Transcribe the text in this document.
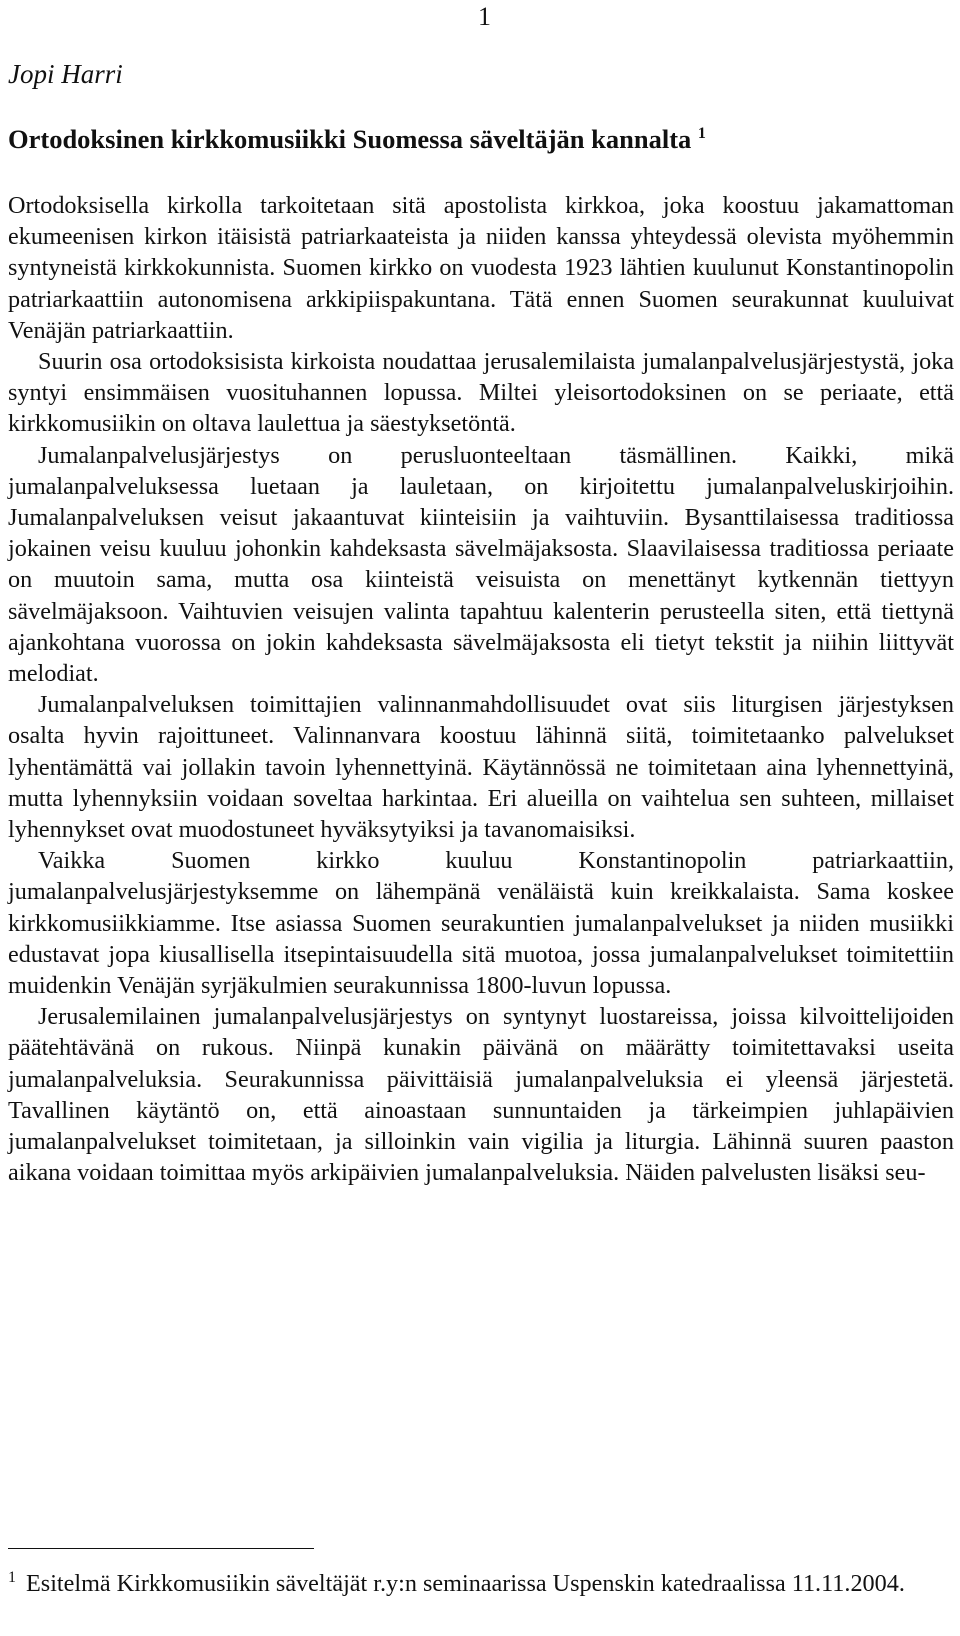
1
Jopi Harri
Ortodoksinen kirkkomusiikki Suomessa säveltäjän kannalta $^1$

Ortodoksisella kirkolla tarkoitetaan sitä apostolista kirkkoa, joka koostuu jakamattoman ekumeenisen kirkon itäisistä patriarkaateista ja niiden kanssa yhteydessä olevista myöhemmin syntyneistä kirkkokunnista. Suomen kirkko on vuodesta 1923 lähtien kuulunut Konstantinopolin patriarkaattiin autonomisena arkkipiispakuntana. Tätä ennen Suomen seurakunnat kuuluivat Venäjän patriarkaattiin.

Suurin osa ortodoksisista kirkoista noudattaa jerusalemilaista jumalanpalvelusjärjestystä, joka syntyi ensimmäisen vuosituhannen lopussa. Miltei yleisortodoksinen on se periaate, että kirkkomusiikin on oltava laulettua ja säestyksetöntä.

Jumalanpalvelusjärjestys on perusluonteeltaan täsmällinen. Kaikki, mikä jumalanpalveluksessa luetaan ja lauletaan, on kirjoitettu jumalanpalveluskirjoihin. Jumalanpalveluksen veisut jakaantuvat kiinteisiin ja vaihtuviin. Bysanttilaisessa traditiossa jokainen veisu kuuluu johonkin kahdeksasta sävelmäjaksosta. Slaavilaisessa traditiossa periaate on muutoin sama, mutta osa kiinteistä veisuista on menettänyt kytkennän tiettyyn sävelmäjaksoon. Vaihtuvien veisujen valinta tapahtuu kalenterin perusteella siten, että tiettynä ajankohtana vuorossa on jokin kahdeksasta sävelmäjaksosta eli tietyt tekstit ja niihin liittyvät melodiat.

Jumalanpalveluksen toimittajien valinnanmahdollisuudet ovat siis liturgisen järjestyksen osalta hyvin rajoittuneet. Valinnanvara koostuu lähinnä siitä, toimitetaanko palvelukset lyhentämättä vai jollakin tavoin lyhennettyinä. Käytännössä ne toimitetaan aina lyhennettyinä, mutta lyhennyksiin voidaan soveltaa harkintaa. Eri alueilla on vaihtelua sen suhteen, millaiset lyhennykset ovat muodostuneet hyväksytyiksi ja tavanomaisiksi.

Vaikka Suomen kirkko kuuluu Konstantinopolin patriarkaattiin, jumalanpalvelusjärjestyksemme on lähempänä venäläistä kuin kreikkalaista. Sama koskee kirkkomusiikkiamme. Itse asiassa Suomen seurakuntien jumalanpalvelukset ja niiden musiikki edustavat jopa kiusallisella itsepintaisuudella sitä muotoa, jossa jumalanpalvelukset toimitettiin muidenkin Venäjän syrjäkulmien seurakunnissa 1800-luvun lopussa.

Jerusalemilainen jumalanpalvelusjärjestys on syntynyt luostareissa, joissa kilvoittelijoiden päätehtävänä on rukous. Niinpä kunakin päivänä on määrätty toimitettavaksi useita jumalanpalveluksia. Seurakunnissa päivittäisiä jumalanpalveluksia ei yleensä järjestetä. Tavallinen käytäntö on, että ainoastaan sunnuntaiden ja tärkeimpien juhlapäivien jumalanpalvelukset toimitetaan, ja silloinkin vain vigilia ja liturgia. Lähinnä suuren paaston aikana voidaan toimittaa myös arkipäivien jumalanpalveluksia. Näiden palvelusten lisäksi seu-

1 Esitelmä Kirkkomusiikin säveltäjät r.y:n seminaarissa Uspenskin katedraalissa 11.11.2004.
